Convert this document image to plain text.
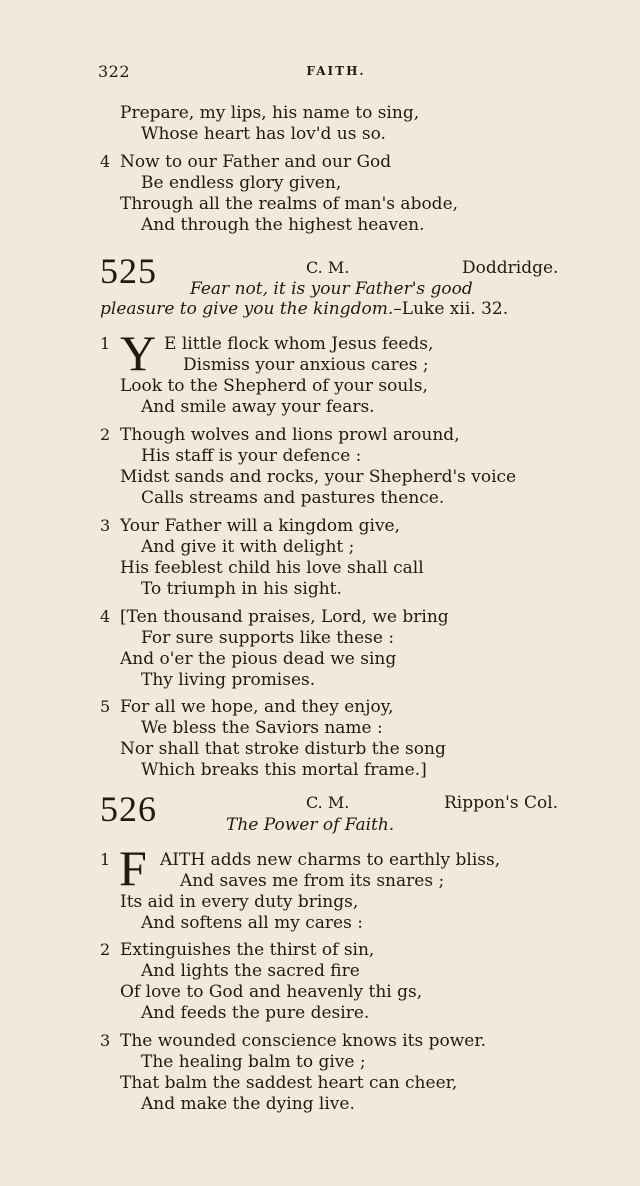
322	FAITH.
Prepare, my lips, his name to sing,
Whose heart has lov'd us so.
4 Now to our Father and our God
Be endless glory given,
Through all the realms of man's abode,
And through the highest heaven.
525	C. M.	Doddridge.
Fear not, it is your Father's good
pleasure to give you the kingdom.–Luke xii. 32.
1 Y E little flock whom Jesus feeds,
Dismiss your anxious cares ;
Look to the Shepherd of your souls,
And smile away your fears.
2 Though wolves and lions prowl around,
His staff is your defence :
Midst sands and rocks, your Shepherd's voice
Calls streams and pastures thence.
3 Your Father will a kingdom give,
And give it with delight ;
His feeblest child his love shall call
To triumph in his sight.
4 [Ten thousand praises, Lord, we bring
For sure supports like these :
And o'er the pious dead we sing
Thy living promises.
5 For all we hope, and they enjoy,
We bless the Saviors name :
Nor shall that stroke disturb the song
Which breaks this mortal frame.]
526	C. M.	Rippon's Col.
The Power of Faith.
1 F AITH adds new charms to earthly bliss,
And saves me from its snares ;
Its aid in every duty brings,
And softens all my cares :
2 Extinguishes the thirst of sin,
And lights the sacred fire
Of love to God and heavenly thi gs,
And feeds the pure desire.
3 The wounded conscience knows its power.
The healing balm to give ;
That balm the saddest heart can cheer,
And make the dying live.
